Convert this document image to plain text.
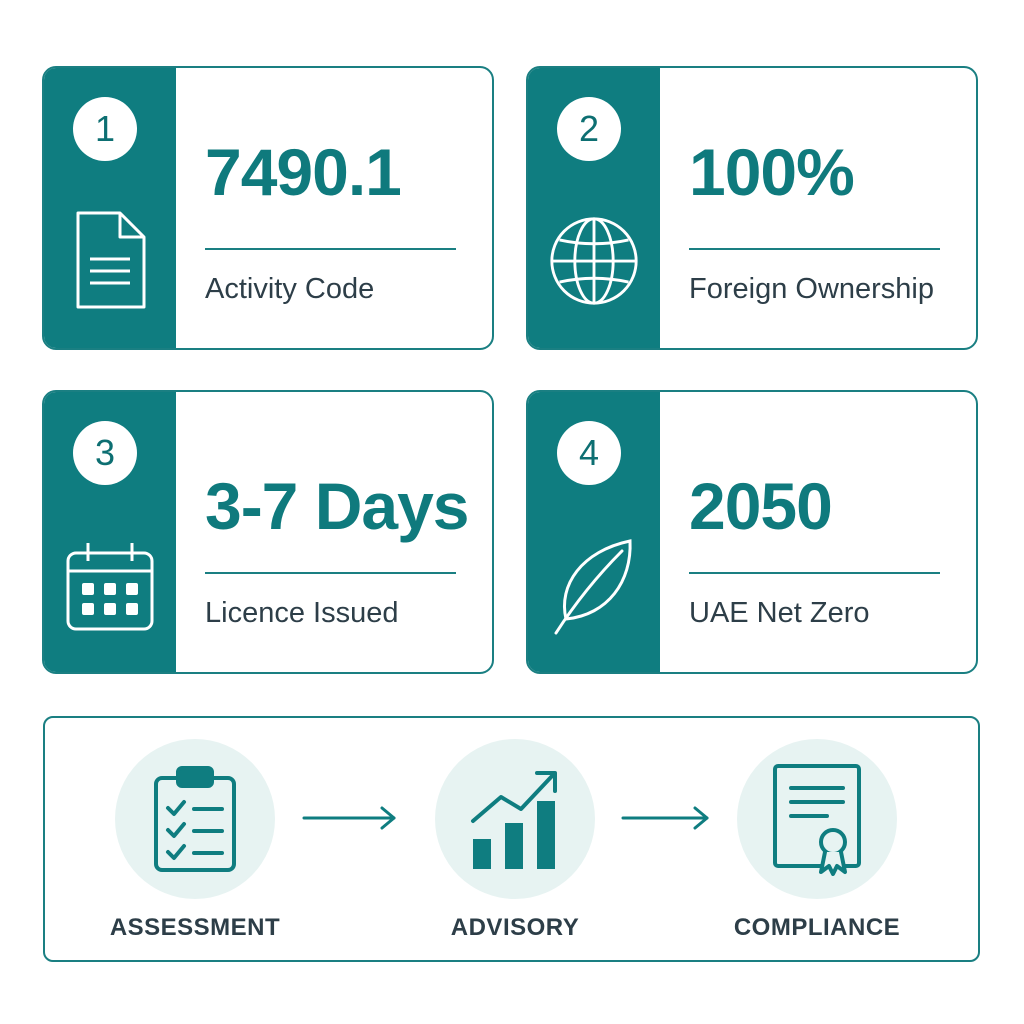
1
7490.1
Activity Code
2
100%
Foreign Ownership
3
3-7 Days
Licence Issued
4
2050
UAE Net Zero
ASSESSMENT	ADVISORY	COMPLIANCE
